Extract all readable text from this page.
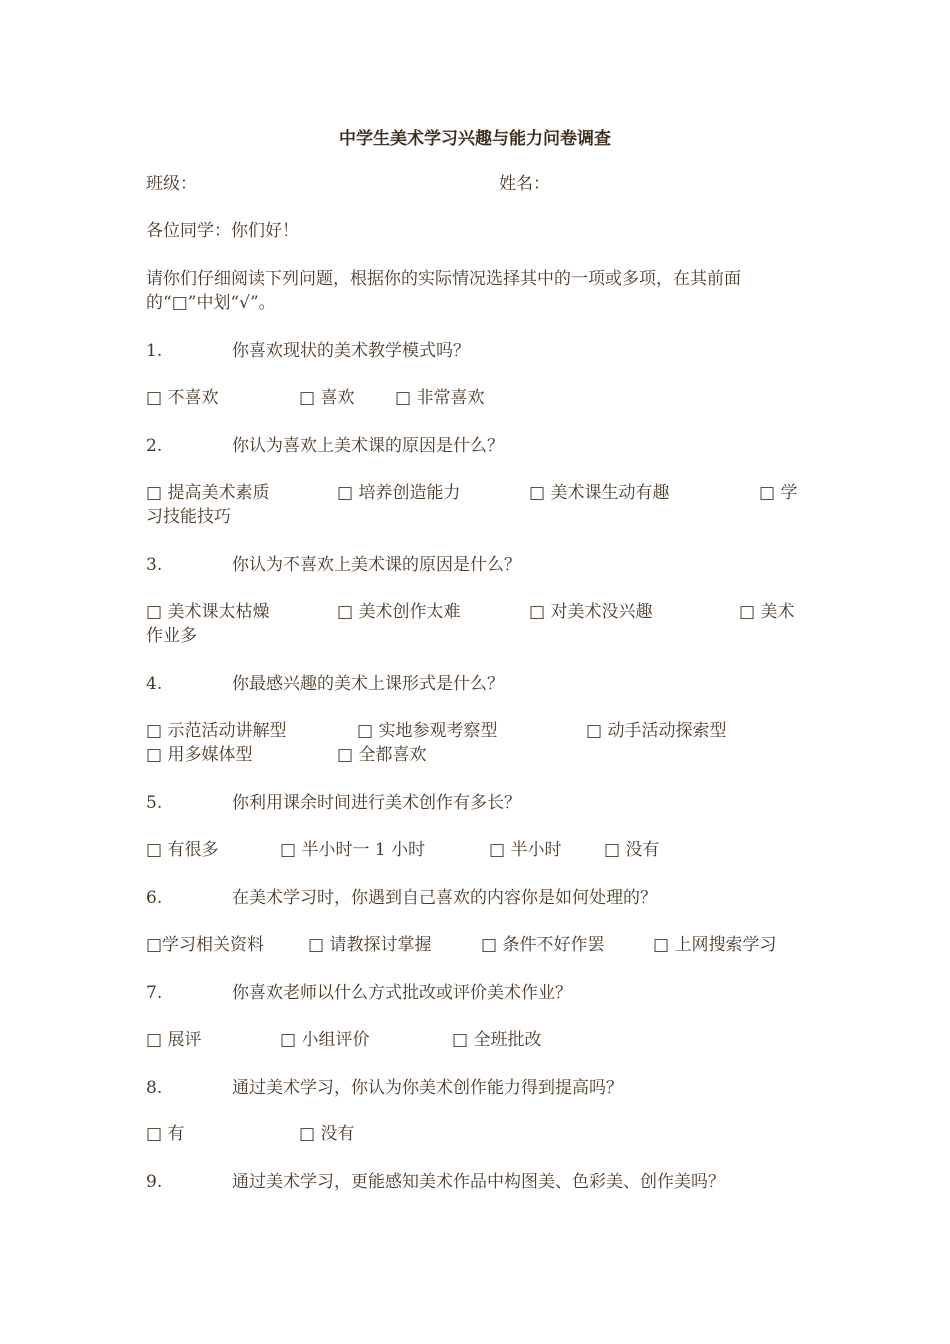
中学生美术学习兴趣与能力问卷调查
班级：	姓名：
各位同学：你们好！
请你们仔细阅读下列问题，根据你的实际情况选择其中的一项或多项，在其前面
的“□”中划“√”。
1.	你喜欢现状的美术教学模式吗？
□ 不喜欢	□ 喜欢 □ 非常喜欢
2.	你认为喜欢上美术课的原因是什么？
□ 提高美术素质	□ 培养创造能力	□ 美术课生动有趣	□ 学
习技能技巧
3.	你认为不喜欢上美术课的原因是什么？
□ 美术课太枯燥	□ 美术创作太难	□ 对美术没兴趣	□ 美术
作业多
4.	你最感兴趣的美术上课形式是什么？
□ 示范活动讲解型	□ 实地参观考察型	□ 动手活动探索型
□ 用多媒体型	□ 全都喜欢
5.	你利用课余时间进行美术创作有多长？
□ 有很多	□ 半小时一 1 小时	□ 半小时	□ 没有
6.	在美术学习时，你遇到自己喜欢的内容你是如何处理的？
□学习相关资料	□ 请教探讨掌握	□ 条件不好作罢	□ 上网搜索学习
7.	你喜欢老师以什么方式批改或评价美术作业？
□ 展评	□ 小组评价	□ 全班批改
8.	通过美术学习，你认为你美术创作能力得到提高吗？
□ 有	□ 没有
9.	通过美术学习，更能感知美术作品中构图美、色彩美、创作美吗？
